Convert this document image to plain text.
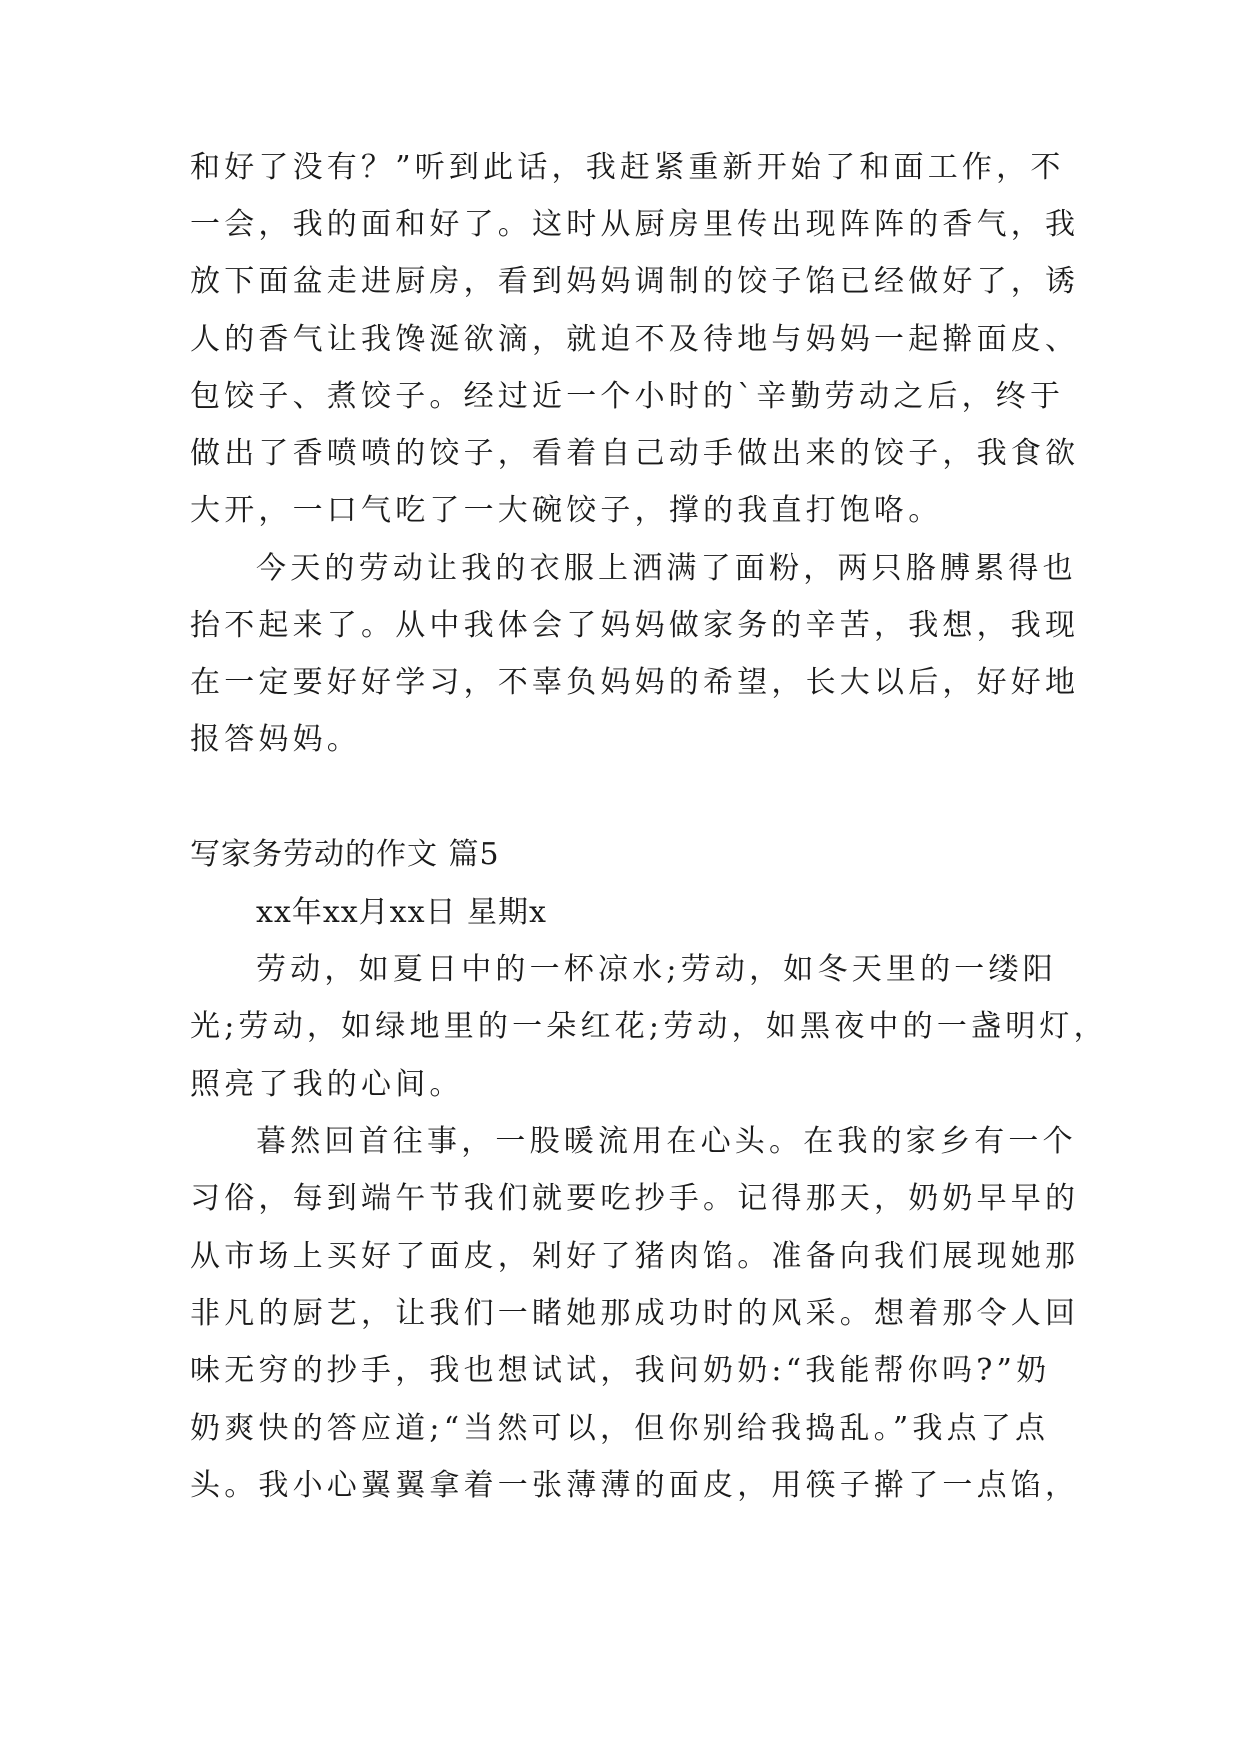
和好了没有？”听到此话，我赶紧重新开始了和面工作，不
一会，我的面和好了。这时从厨房里传出现阵阵的香气，我
放下面盆走进厨房，看到妈妈调制的饺子馅已经做好了，诱
人的香气让我馋涎欲滴，就迫不及待地与妈妈一起擀面皮、
包饺子、煮饺子。经过近一个小时的`辛勤劳动之后，终于
做出了香喷喷的饺子，看着自己动手做出来的饺子，我食欲
大开，一口气吃了一大碗饺子，撑的我直打饱咯。
今天的劳动让我的衣服上洒满了面粉，两只胳膊累得也
抬不起来了。从中我体会了妈妈做家务的辛苦，我想，我现
在一定要好好学习，不辜负妈妈的希望，长大以后，好好地
报答妈妈。
写家务劳动的作文 篇5
xx年xx月xx日 星期x
劳动，如夏日中的一杯凉水;劳动，如冬天里的一缕阳
光;劳动，如绿地里的一朵红花;劳动，如黑夜中的一盏明灯，
照亮了我的心间。
暮然回首往事，一股暖流用在心头。在我的家乡有一个
习俗，每到端午节我们就要吃抄手。记得那天，奶奶早早的
从市场上买好了面皮，剁好了猪肉馅。准备向我们展现她那
非凡的厨艺，让我们一睹她那成功时的风采。想着那令人回
味无穷的抄手，我也想试试，我问奶奶:“我能帮你吗?”奶
奶爽快的答应道;“当然可以，但你别给我捣乱。”我点了点
头。我小心翼翼拿着一张薄薄的面皮，用筷子擀了一点馅，
